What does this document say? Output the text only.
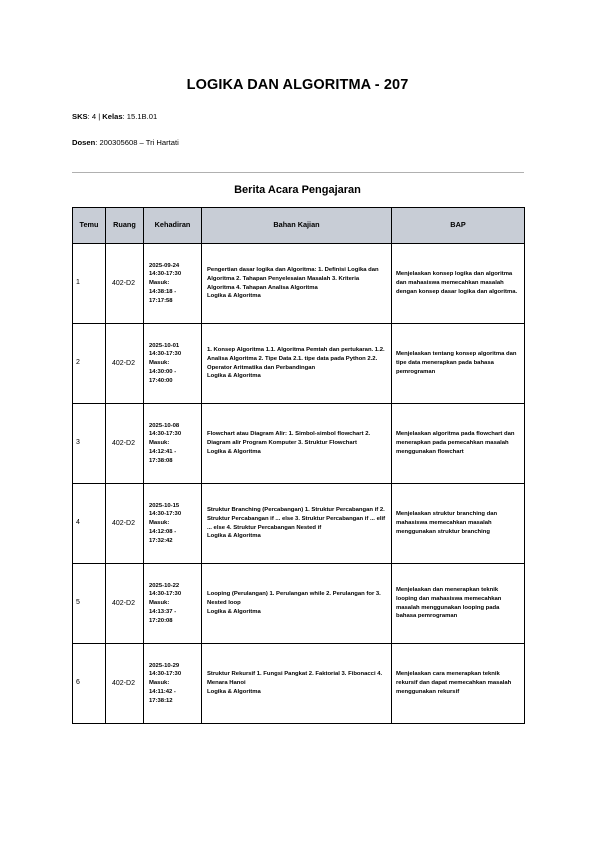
LOGIKA DAN ALGORITMA - 207
SKS: 4 | Kelas: 15.1B.01
Dosen: 200305608 – Tri Hartati
Berita Acara Pengajaran
Temu	Ruang	Kehadiran	Bahan Kajian	BAP
1	402-D2	2025-09-24
14:30-17:30
Masuk:
14:38:18 -
17:17:58	Pengertian dasar logika dan Algoritma: 1. Definisi Logika dan Algoritma 2. Tahapan Penyelesaian Masalah 3. Kriteria Algoritma 4. Tahapan Analisa Algoritma
Logika & Algoritma	Menjelaskan konsep logika dan algoritma dan mahasiswa memecahkan masalah dengan konsep dasar logika dan algoritma.
2	402-D2	2025-10-01
14:30-17:30
Masuk:
14:30:00 -
17:40:00	1. Konsep Algoritma 1.1. Algoritma Pemtah dan pertukaran. 1.2. Analisa Algoritma 2. Tipe Data 2.1. tipe data pada Python 2.2. Operator Aritmatika dan Perbandingan
Logika & Algoritma	Menjelaskan tentang konsep algoritma dan tipe data menerapkan pada bahasa pemrograman
3	402-D2	2025-10-08
14:30-17:30
Masuk:
14:12:41 -
17:38:08	Flowchart atau Diagram Alir: 1. Simbol-simbol flowchart 2. Diagram alir Program Komputer 3. Struktur Flowchart
Logika & Algoritma	Menjelaskan algoritma pada flowchart dan menerapkan pada pemecahkan masalah menggunakan flowchart
4	402-D2	2025-10-15
14:30-17:30
Masuk:
14:12:08 -
17:32:42	Struktur Branching (Percabangan) 1. Struktur Percabangan if 2. Struktur Percabangan if ... else 3. Struktur Percabangan if ... elif ... else 4. Struktur Percabangan Nested if
Logika & Algoritma	Menjelaskan struktur branching dan mahasiswa memecahkan masalah menggunakan struktur branching
5	402-D2	2025-10-22
14:30-17:30
Masuk:
14:13:37 -
17:20:08	Looping (Perulangan) 1. Perulangan while 2. Perulangan for 3. Nested loop
Logika & Algoritma	Menjelaskan dan menerapkan teknik looping dan mahasiswa memecahkan masalah menggunakan looping pada bahasa pemrograman
6	402-D2	2025-10-29
14:30-17:30
Masuk:
14:11:42 -
17:38:12	Struktur Rekursif 1. Fungsi Pangkat 2. Faktorial 3. Fibonacci 4. Menara Hanoi
Logika & Algoritma	Menjelaskan cara menerapkan teknik rekursif dan dapat memecahkan masalah menggunakan rekursif
